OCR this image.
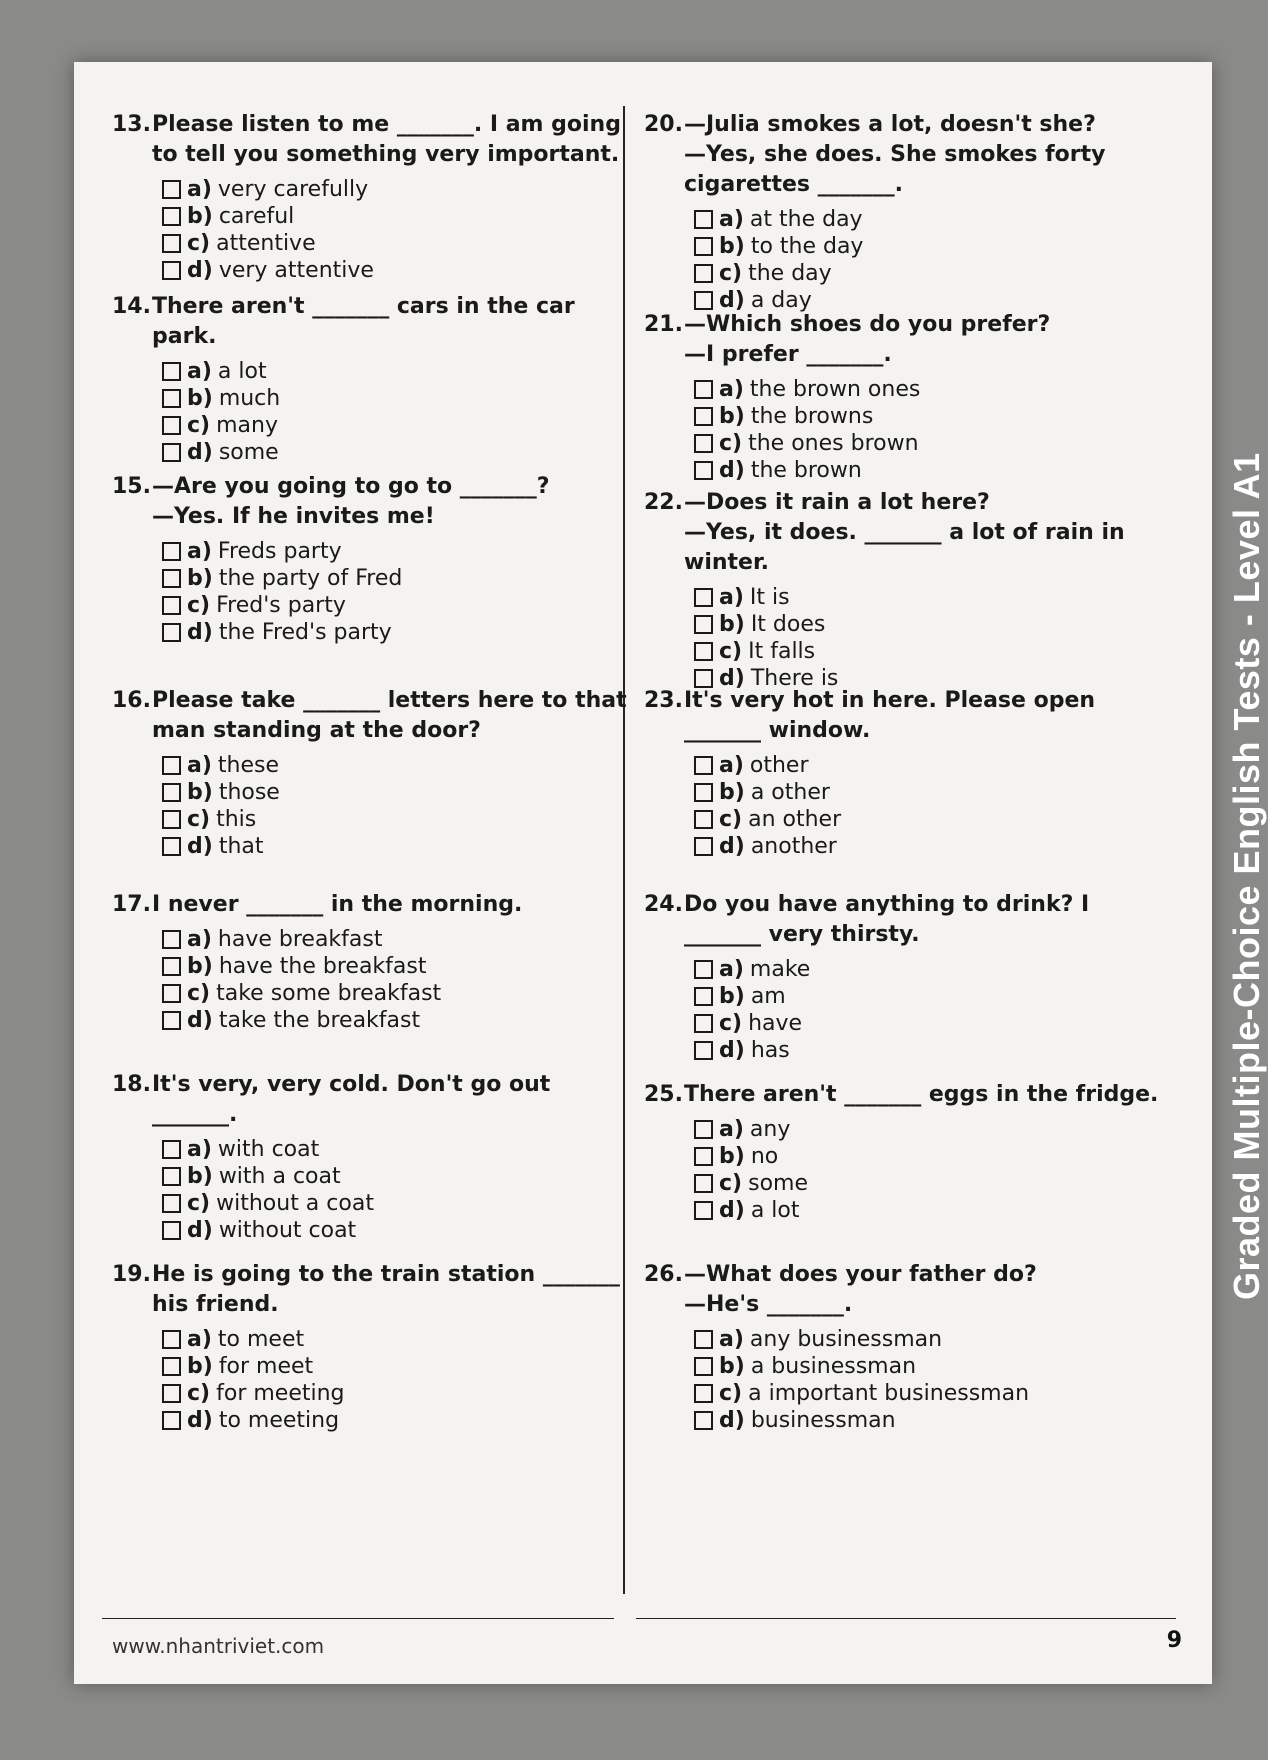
13. Please listen to me _______. I am going to tell you something very important.
a) very carefully
b) careful
c) attentive
d) very attentive
14. There aren't _______ cars in the car park.
a) a lot
b) much
c) many
d) some
15. —Are you going to go to _______?
—Yes. If he invites me!
a) Freds party
b) the party of Fred
c) Fred's party
d) the Fred's party
16. Please take _______ letters here to that man standing at the door?
a) these
b) those
c) this
d) that
17. I never _______ in the morning.
a) have breakfast
b) have the breakfast
c) take some breakfast
d) take the breakfast
18. It's very, very cold. Don't go out _______.
a) with coat
b) with a coat
c) without a coat
d) without coat
19. He is going to the train station _______ his friend.
a) to meet
b) for meet
c) for meeting
d) to meeting
20. —Julia smokes a lot, doesn't she?
—Yes, she does. She smokes forty cigarettes _______.
a) at the day
b) to the day
c) the day
d) a day
21. —Which shoes do you prefer?
—I prefer _______.
a) the brown ones
b) the browns
c) the ones brown
d) the brown
22. —Does it rain a lot here?
—Yes, it does. _______ a lot of rain in winter.
a) It is
b) It does
c) It falls
d) There is
23. It's very hot in here. Please open _______ window.
a) other
b) a other
c) an other
d) another
24. Do you have anything to drink? I _______ very thirsty.
a) make
b) am
c) have
d) has
25. There aren't _______ eggs in the fridge.
a) any
b) no
c) some
d) a lot
26. —What does your father do?
—He's _______.
a) any businessman
b) a businessman
c) a important businessman
d) businessman
www.nhantriviet.com	9
Graded Multiple-Choice English Tests - Level A1
